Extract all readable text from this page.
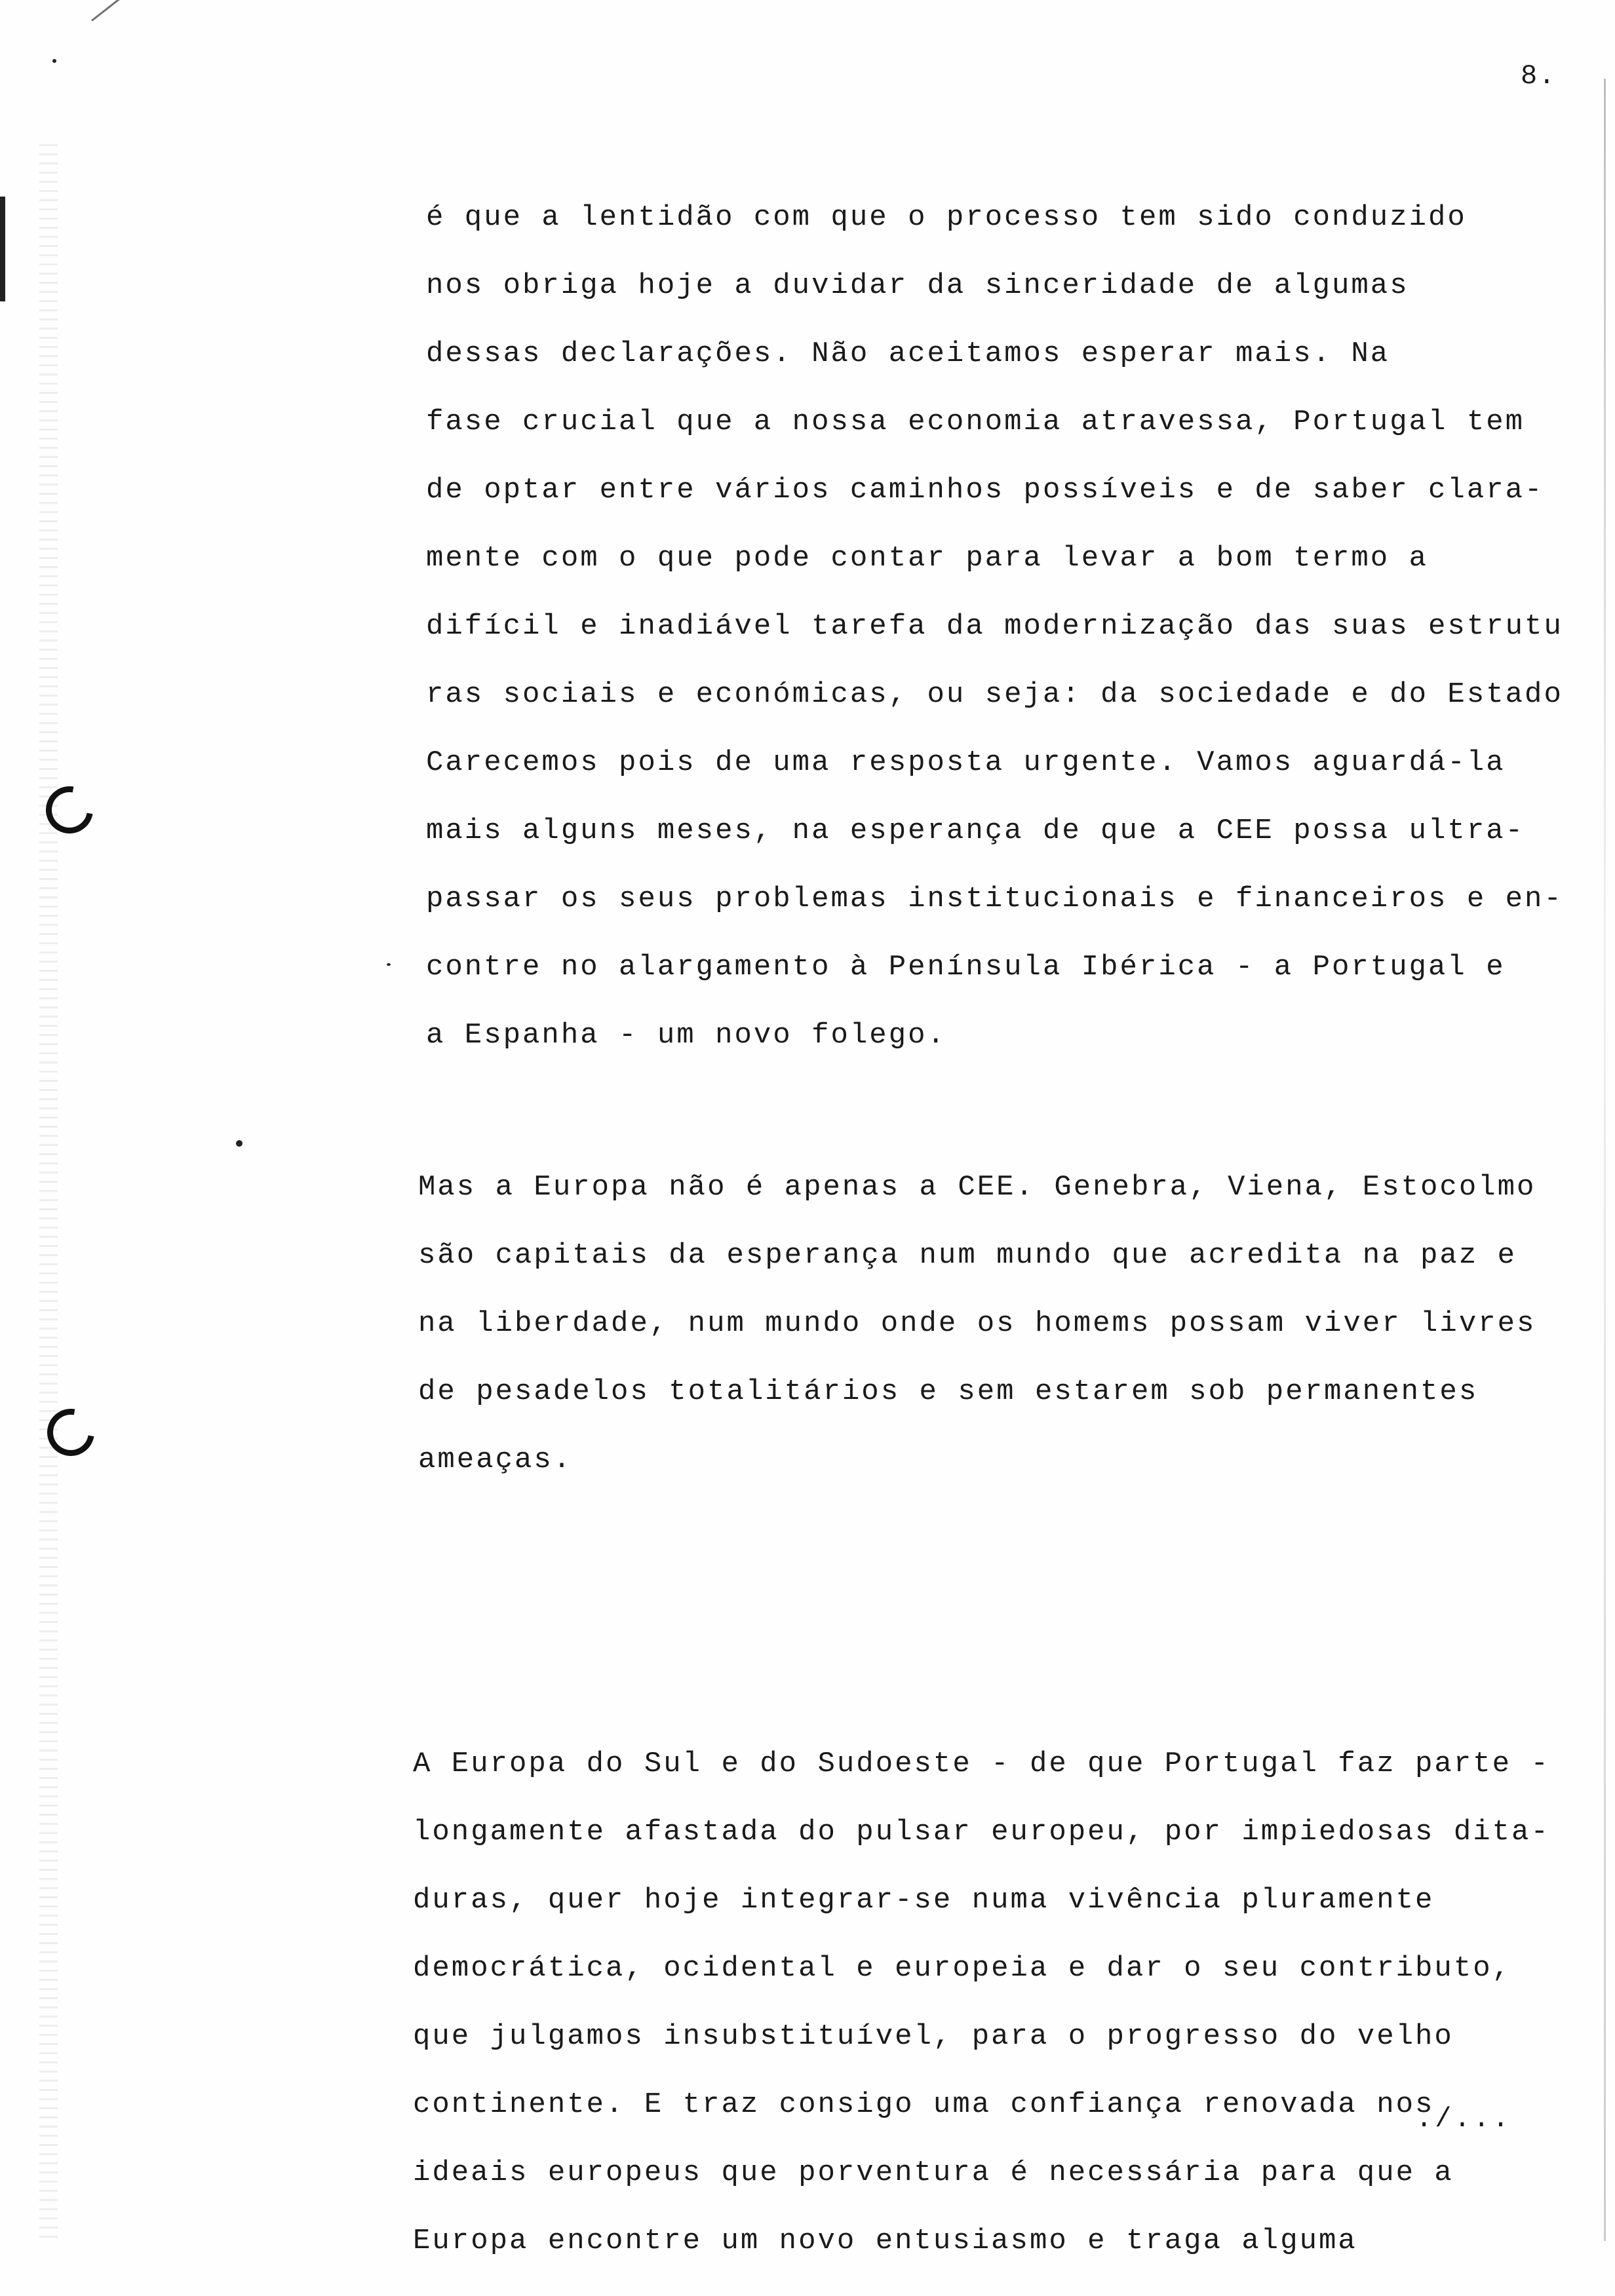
8.
é que a lentidão com que o processo tem sido conduzido
nos obriga hoje a duvidar da sinceridade de algumas
dessas declarações. Não aceitamos esperar mais. Na
fase crucial que a nossa economia atravessa, Portugal tem
de optar entre vários caminhos possíveis e de saber clara-
mente com o que pode contar para levar a bom termo a
difícil e inadiável tarefa da modernização das suas estrutu
ras sociais e económicas, ou seja: da sociedade e do Estado
Carecemos pois de uma resposta urgente. Vamos aguardá-la
mais alguns meses, na esperança de que a CEE possa ultra-
passar os seus problemas institucionais e financeiros e en-
contre no alargamento à Península Ibérica - a Portugal e
a Espanha - um novo folego.
Mas a Europa não é apenas a CEE. Genebra, Viena, Estocolmo
são capitais da esperança num mundo que acredita na paz e
na liberdade, num mundo onde os homems possam viver livres
de pesadelos totalitários e sem estarem sob permanentes
ameaças.
A Europa do Sul e do Sudoeste - de que Portugal faz parte -
longamente afastada do pulsar europeu, por impiedosas dita-
duras, quer hoje integrar-se numa vivência pluramente
democrática, ocidental e europeia e dar o seu contributo,
que julgamos insubstituível, para o progresso do velho
continente. E traz consigo uma confiança renovada nos
ideais europeus que porventura é necessária para que a
Europa encontre um novo entusiasmo e traga alguma
./...
